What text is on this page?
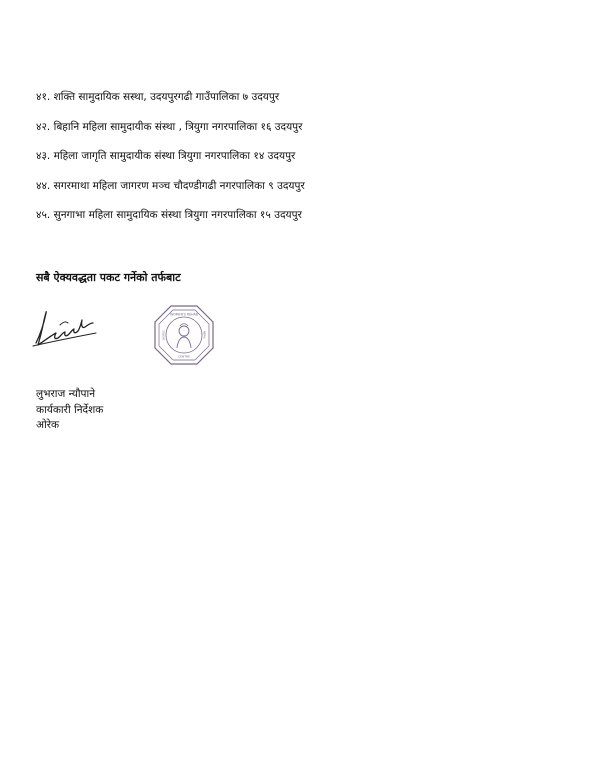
४१. शक्ति सामुदायिक सस्था, उदयपुरगढी गाउँपालिका ७ उदयपुर
४२. बिहानि महिला सामुदायीक संस्था , त्रियुगा नगरपालिका १६ उदयपुर
४३. महिला जागृति सामुदायीक संस्था त्रियुगा नगरपालिका १४ उदयपुर
४४. सगरमाथा महिला जागरण मञ्च चौदण्डीगढी नगरपालिका ९ उदयपुर
४५. सुनगाभा महिला सामुदायिक संस्था त्रियुगा नगरपालिका १५ उदयपुर
सबै ऐक्यवद्धता पकट गर्नेको तर्फबाट
WOMEN'S REHAB
CENTRE
WOREC	NEPAL
लुभराज न्यौपाने
कार्यकारी निर्देशक
ओरेक
